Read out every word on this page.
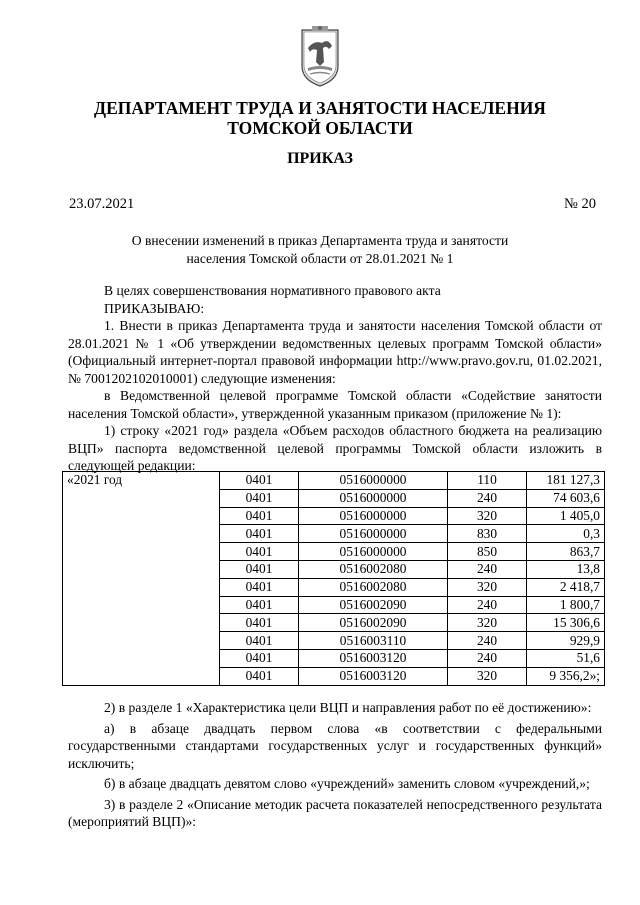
ДЕПАРТАМЕНТ ТРУДА И ЗАНЯТОСТИ НАСЕЛЕНИЯ
ТОМСКОЙ ОБЛАСТИ
ПРИКАЗ
23.07.2021	№ 20
О внесении изменений в приказ Департамента труда и занятости
населения Томской области от 28.01.2021 № 1

В целях совершенствования нормативного правового акта

ПРИКАЗЫВАЮ:

1. Внести в приказ Департамента труда и занятости населения Томской области от 28.01.2021 № 1 «Об утверждении ведомственных целевых программ Томской области» (Официальный интернет-портал правовой информации http://www.pravo.gov.ru, 01.02.2021, № 7001202102010001) следующие изменения:

в Ведомственной целевой программе Томской области «Содействие занятости населения Томской области», утвержденной указанным приказом (приложение № 1):

1) строку «2021 год» раздела «Объем расходов областного бюджета на реализацию ВЦП» паспорта ведомственной целевой программы Томской области изложить в следующей редакции:

«2021 год	0401	0516000000	110	181 127,3
	0401	0516000000	240	74 603,6
	0401	0516000000	320	1 405,0
	0401	0516000000	830	0,3
	0401	0516000000	850	863,7
	0401	0516002080	240	13,8
	0401	0516002080	320	2 418,7
	0401	0516002090	240	1 800,7
	0401	0516002090	320	15 306,6
	0401	0516003110	240	929,9
	0401	0516003120	240	51,6
	0401	0516003120	320	9 356,2»;

2) в разделе 1 «Характеристика цели ВЦП и направления работ по её достижению»:

а) в абзаце двадцать первом слова «в соответствии с федеральными государственными стандартами государственных услуг и государственных функций» исключить;

б) в абзаце двадцать девятом слово «учреждений» заменить словом «учреждений,»;

3) в разделе 2 «Описание методик расчета показателей непосредственного результата (мероприятий ВЦП)»:
